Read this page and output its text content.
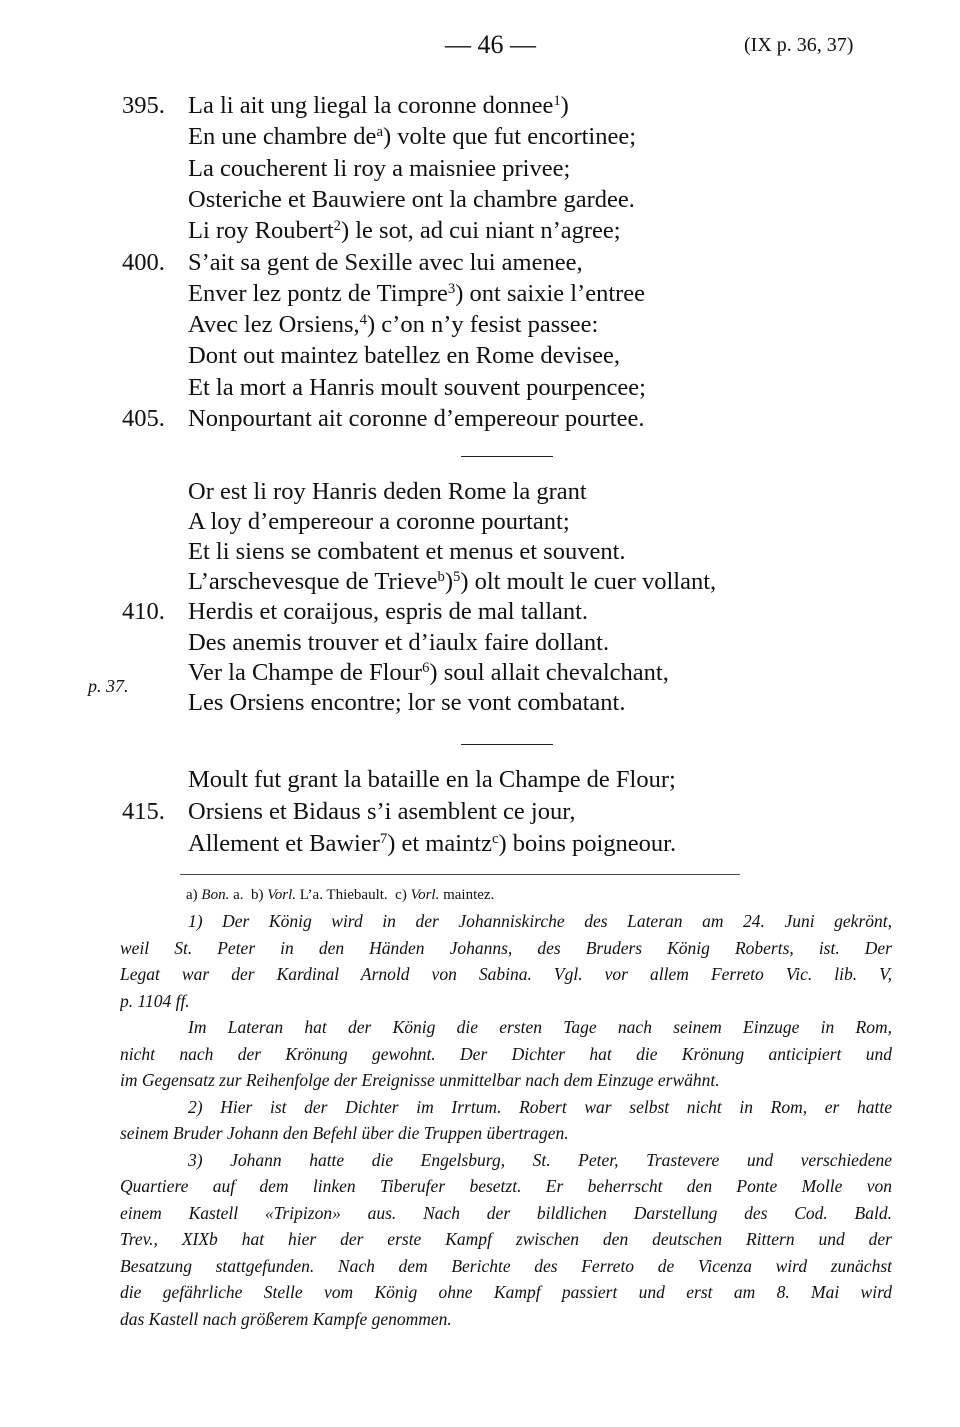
— 46 —	(IX p. 36, 37)
395. La li ait ung liegal la coronne donnee$^1$)
En une chambre $de^a$) volte que fut encortinee;
La coucherent li roy a maisniee privee;
Osteriche et Bauwiere ont la chambre gardee.
Li roy Roubert$^2$) le sot, ad cui niant n’agree;
400. S’ait sa gent de Sexille avec lui amenee,
Enver lez pontz de Timpre$^3$) ont saixie l’entree
Avec lez Orsiens,$^4$) c’on n’y fesist passee:
Dont out maintez batellez en Rome devisee,
Et la mort a Hanris moult souvent pourpencee;
405. Nonpourtant ait coronne d’empereour pourtee.
Or est li roy Hanris deden Rome la grant
A loy d’empereour a coronne pourtant;
Et li siens se combatent et menus et souvent.
L’arschevesque de Trieve$^b$)$^5$) olt moult le cuer vollant,
410. Herdis et coraijous, espris de mal tallant.
Des anemis trouver et d’iaulx faire dollant.
Ver la Champe de Flour$^6$) soul allait chevalchant,
Les Orsiens encontre; lor se vont combatant.
p. 37.
Moult fut grant la bataille en la Champe de Flour;
415. Orsiens et Bidaus s’i asemblent ce jour,
Allement et Bawier$^7$) et maintz$^c$) boins poigneour.
a) Bon. a. b) Vorl. L’a. Thiebault. c) Vorl. maintez.
1) Der König wird in der Johanniskirche des Lateran am 24. Juni gekrönt,
weil St. Peter in den Händen Johanns, des Bruders König Roberts, ist. Der
Legat war der Kardinal Arnold von Sabina. Vgl. vor allem Ferreto Vic. lib. V,
p. 1104 ff.
Im Lateran hat der König die ersten Tage nach seinem Einzuge in Rom,
nicht nach der Krönung gewohnt. Der Dichter hat die Krönung anticipiert und
im Gegensatz zur Reihenfolge der Ereignisse unmittelbar nach dem Einzuge erwähnt.
2) Hier ist der Dichter im Irrtum. Robert war selbst nicht in Rom, er hatte
seinem Bruder Johann den Befehl über die Truppen übertragen.
3) Johann hatte die Engelsburg, St. Peter, Trastevere und verschiedene
Quartiere auf dem linken Tiberufer besetzt. Er beherrscht den Ponte Molle von
einem Kastell «Tripizon» aus. Nach der bildlichen Darstellung des Cod. Bald.
Trev., XIXb hat hier der erste Kampf zwischen den deutschen Rittern und der
Besatzung stattgefunden. Nach dem Berichte des Ferreto de Vicenza wird zunächst
die gefährliche Stelle vom König ohne Kampf passiert und erst am 8. Mai wird
das Kastell nach größerem Kampfe genommen.
